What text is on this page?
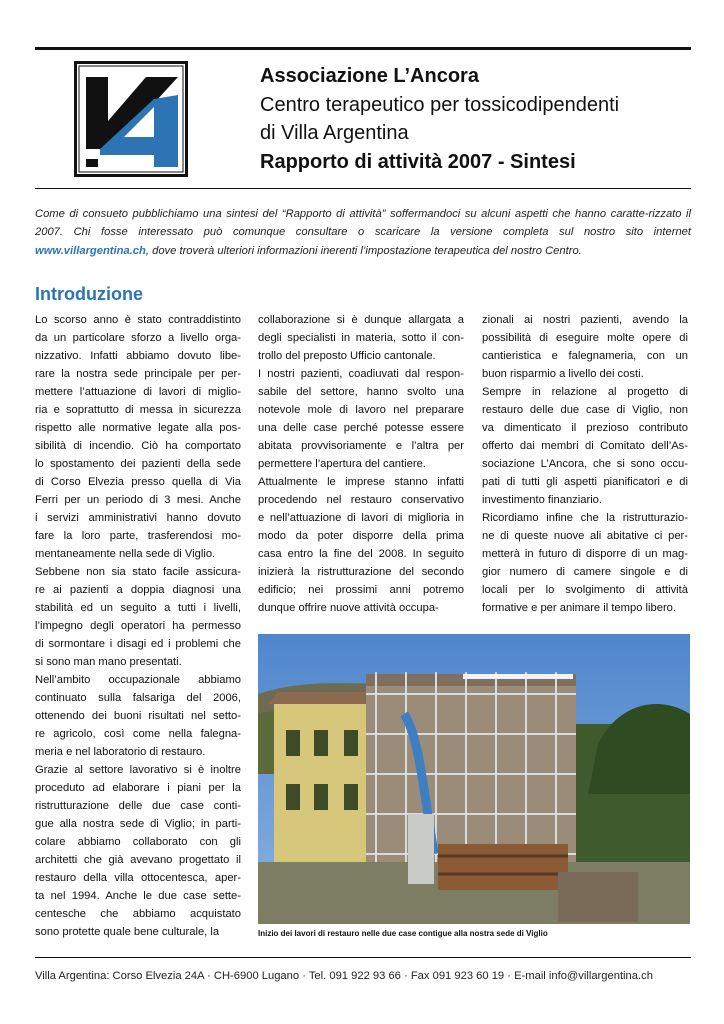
Associazione L’Ancora
Centro terapeutico per tossicodipendenti
di Villa Argentina
Rapporto di attività 2007 - Sintesi
Come di consueto pubblichiamo una sintesi del “Rapporto di attività” soffermandoci su alcuni aspetti che hanno caratte-rizzato il 2007. Chi fosse interessato può comunque consultare o scaricare la versione completa sul nostro sito internet www.villargentina.ch, dove troverà ulteriori informazioni inerenti l’impostazione terapeutica del nostro Centro.
Introduzione

Lo scorso anno è stato contraddistinto

da un particolare sforzo a livello orga-

nizzativo. Infatti abbiamo dovuto libe-

rare la nostra sede principale per per-

mettere l’attuazione di lavori di miglio-

ria e soprattutto di messa in sicurezza

rispetto alle normative legate alla pos-

sibilità di incendio. Ciò ha comportato

lo spostamento dei pazienti della sede

di Corso Elvezia presso quella di Via

Ferri per un periodo di 3 mesi. Anche

i servizi amministrativi hanno dovuto

fare la loro parte, trasferendosi mo-

mentaneamente nella sede di Viglio.

Sebbene non sia stato facile assicura-

re ai pazienti a doppia diagnosi una

stabilità ed un seguito a tutti i livelli,

l’impegno degli operatori ha permesso

di sormontare i disagi ed i problemi che

si sono man mano presentati.

Nell’ambito occupazionale abbiamo

continuato sulla falsariga del 2006,

ottenendo dei buoni risultati nel setto-

re agricolo, così come nella falegna-

meria e nel laboratorio di restauro.

Grazie al settore lavorativo si è inoltre

proceduto ad elaborare i piani per la

ristrutturazione delle due case conti-

gue alla nostra sede di Viglio; in parti-

colare abbiamo collaborato con gli

architetti che già avevano progettato il

restauro della villa ottocentesca, aper-

ta nel 1994. Anche le due case sette-

centesche che abbiamo acquistato

sono protette quale bene culturale, la

collaborazione si è dunque allargata a

degli specialisti in materia, sotto il con-

trollo del preposto Ufficio cantonale.

I nostri pazienti, coadiuvati dal respon-

sabile del settore, hanno svolto una

notevole mole di lavoro nel preparare

una delle case perché potesse essere

abitata provvisoriamente e l’altra per

permettere l’apertura del cantiere.

Attualmente le imprese stanno infatti

procedendo nel restauro conservativo

e nell’attuazione di lavori di miglioria in

modo da poter disporre della prima

casa entro la fine del 2008. In seguito

inizierà la ristrutturazione del secondo

edificio; nei prossimi anni potremo

dunque offrire nuove attività occupa-

zionali ai nostri pazienti, avendo la

possibilità di eseguire molte opere di

cantieristica e falegnameria, con un

buon risparmio a livello dei costi.

Sempre in relazione al progetto di

restauro delle due case di Viglio, non

va dimenticato il prezioso contributo

offerto dai membri di Comitato dell’As-

sociazione L’Ancora, che si sono occu-

pati di tutti gli aspetti pianificatori e di

investimento finanziario.

Ricordiamo infine che la ristrutturazio-

ne di queste nuove ali abitative ci per-

metterà in futuro di disporre di un mag-

gior numero di camere singole e di

locali per lo svolgimento di attività

formative e per animare il tempo libero.

Inizio dei lavori di restauro nelle due case contigue alla nostra sede di Viglio
Villa Argentina: Corso Elvezia 24A · CH-6900 Lugano · Tel. 091 922 93 66 · Fax 091 923 60 19 · E-mail info@villargentina.ch
